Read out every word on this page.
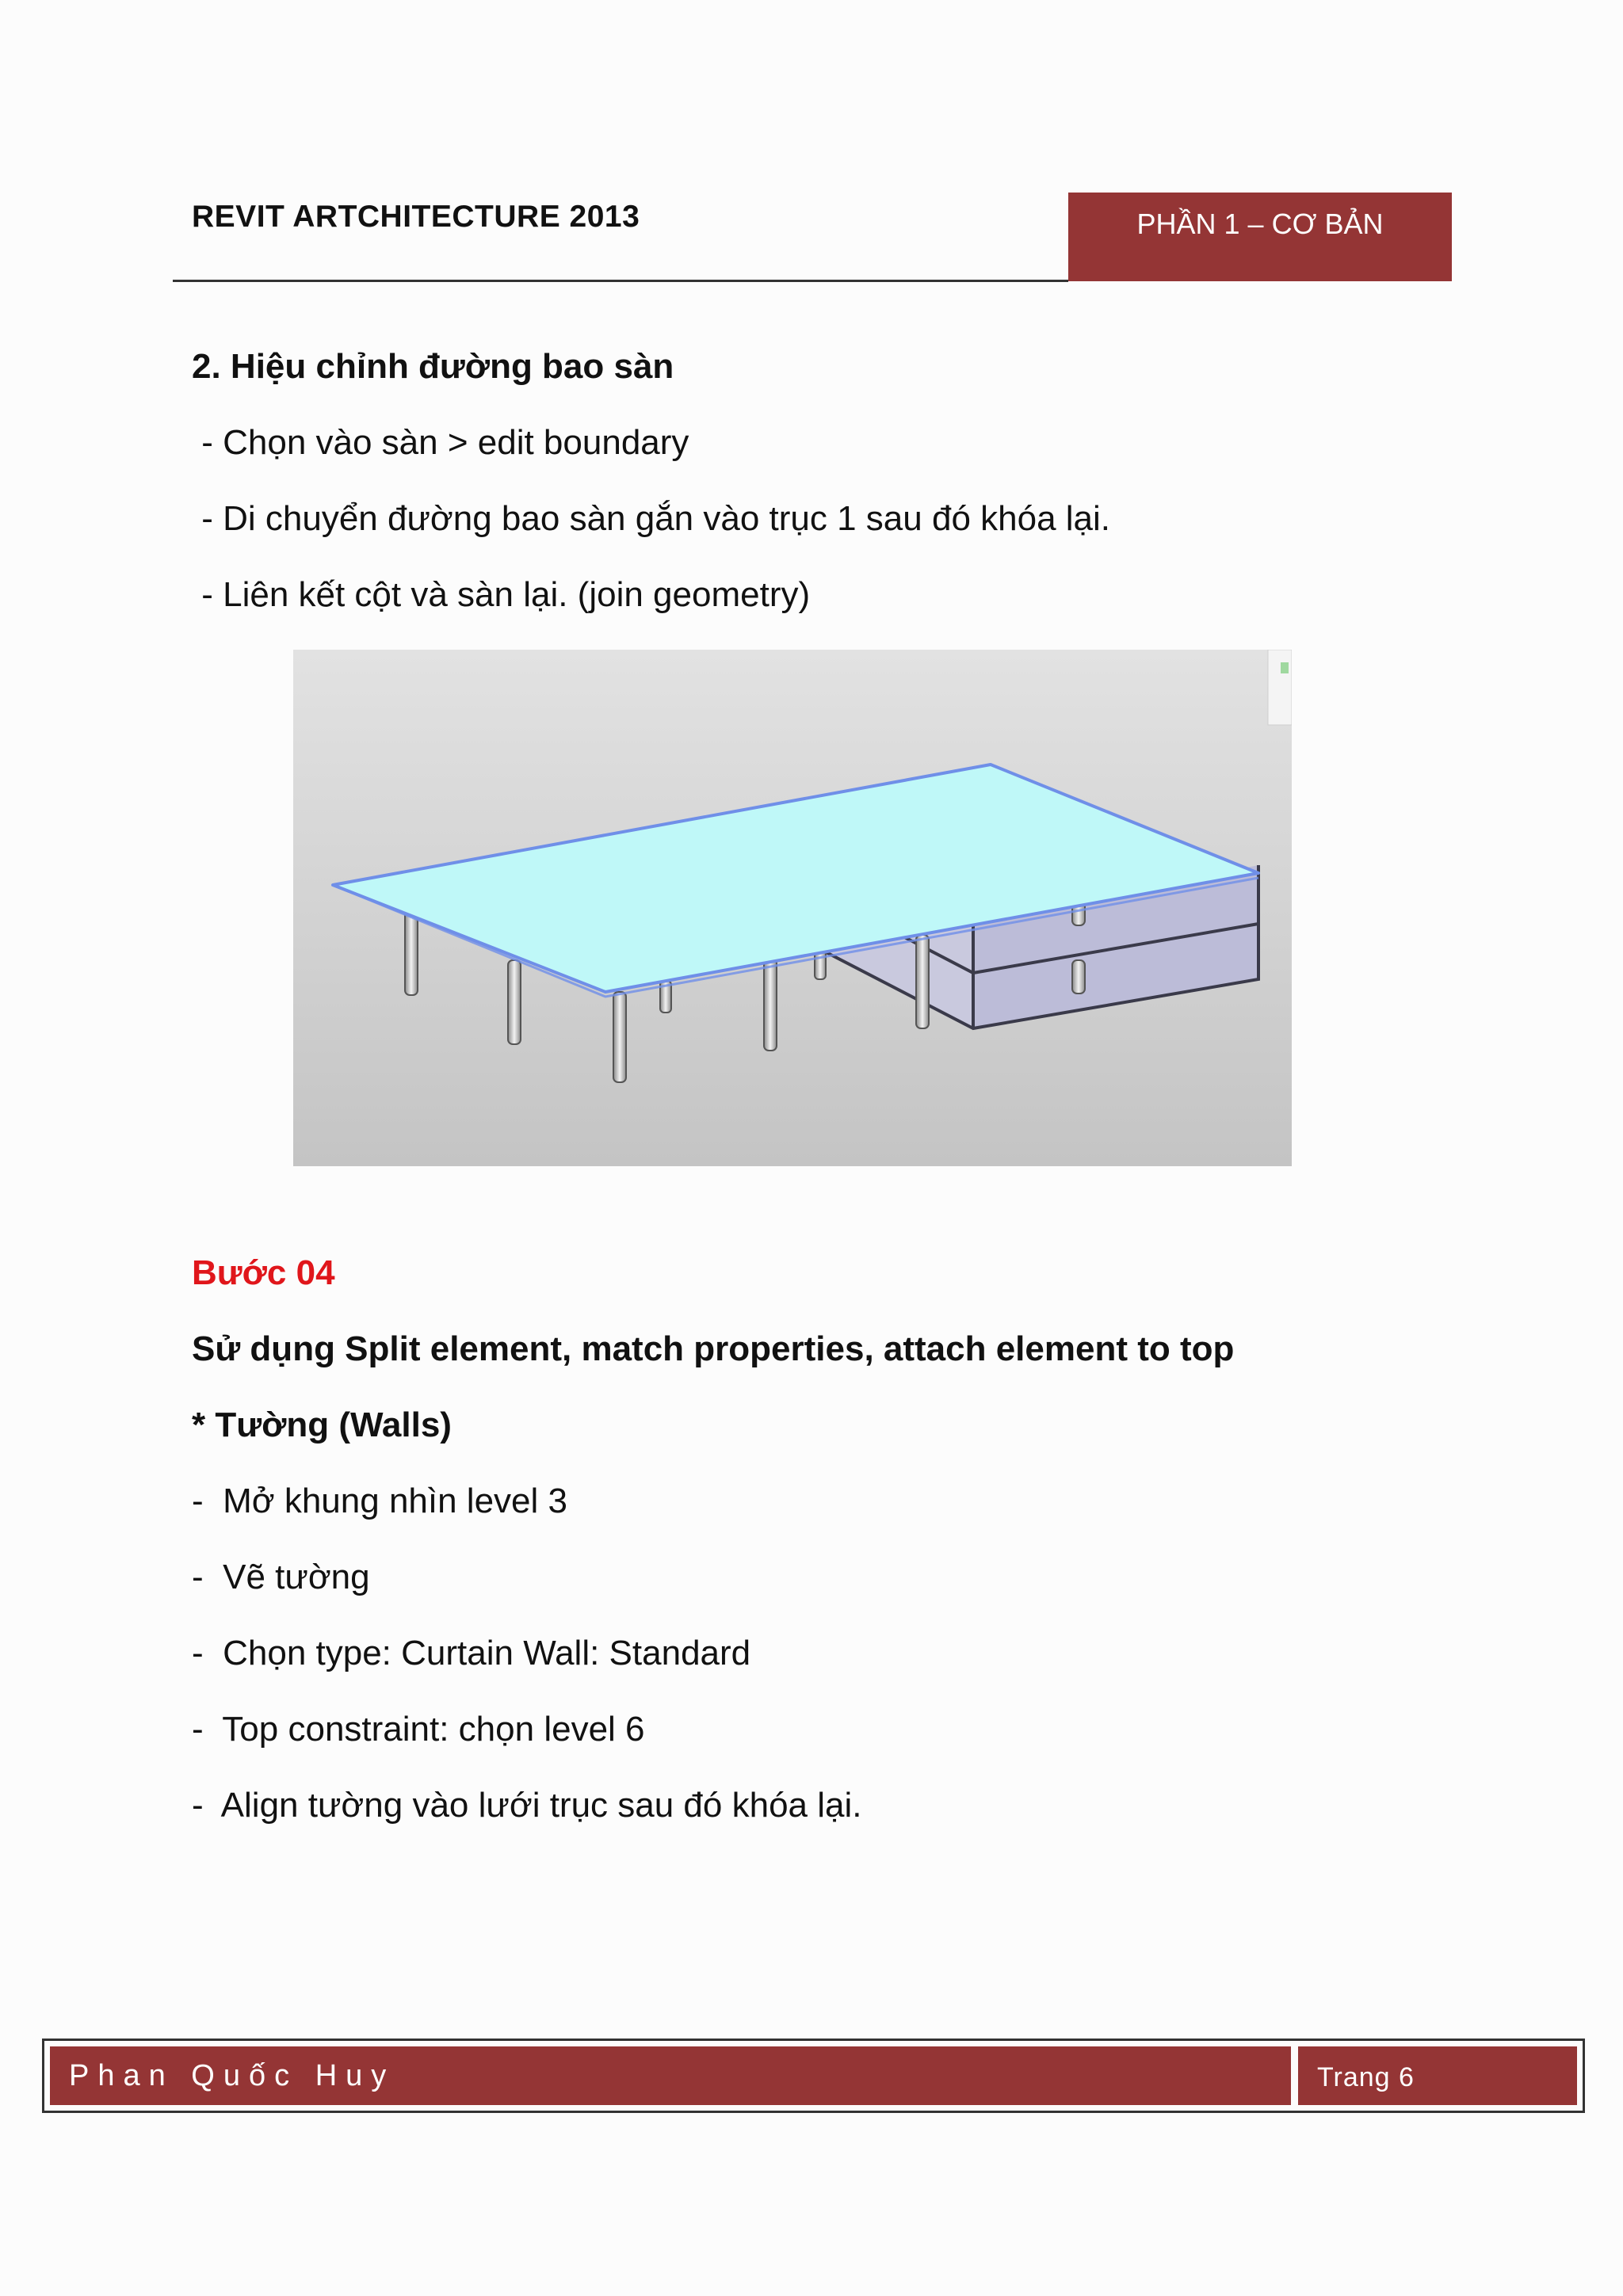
REVIT ARTCHITECTURE 2013	PHẦN 1 – CƠ BẢN
2. Hiệu chỉnh đường bao sàn
- Chọn vào sàn > edit boundary
- Di chuyển đường bao sàn gắn vào trục 1 sau đó khóa lại.
- Liên kết cột và sàn lại. (join geometry)
Bước 04
Sử dụng Split element, match properties, attach element to top
* Tường (Walls)
-  Mở khung nhìn level 3
-  Vẽ tường
-  Chọn type: Curtain Wall: Standard
-  Top constraint: chọn level 6
-  Align tường vào lưới trục sau đó khóa lại.
Phan Quốc Huy	Trang 6
